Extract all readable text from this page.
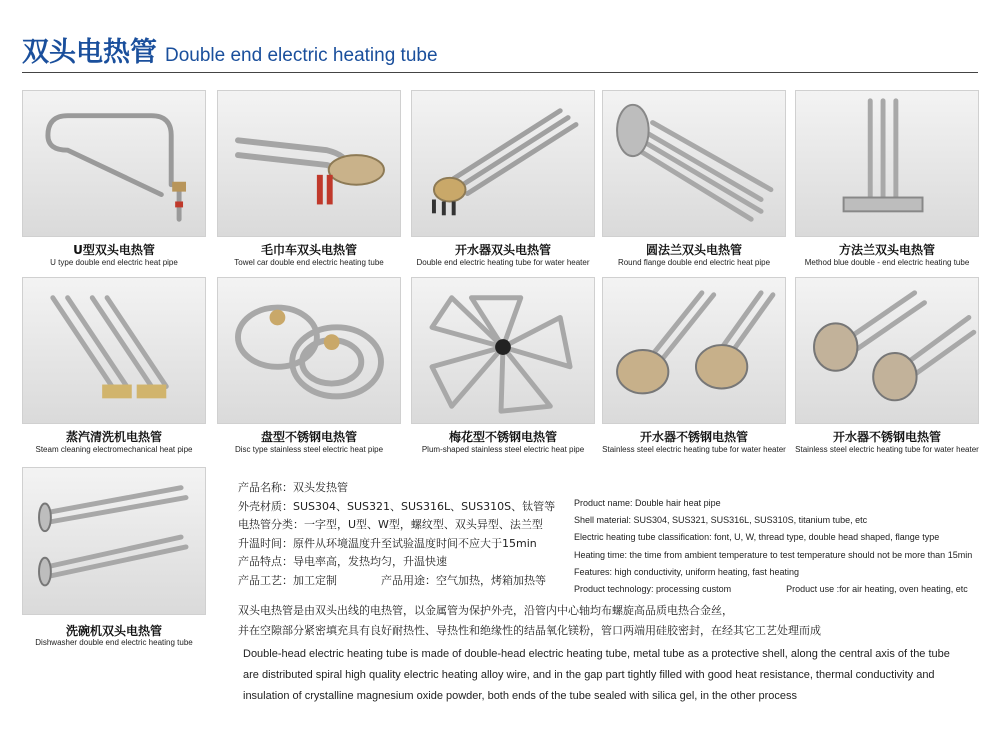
双头电热管 Double end electric heating tube
U型双头电热管
U type double end electric heat pipe
毛巾车双头电热管
Towel car double end electric heating tube
开水器双头电热管
Double end electric heating tube for water heater
圆法兰双头电热管
Round flange double end electric heat pipe
方法兰双头电热管
Method blue double - end electric heating tube
蒸汽清洗机电热管
Steam cleaning electromechanical heat pipe
盘型不锈钢电热管
Disc type stainless steel electric heat pipe
梅花型不锈钢电热管
Plum-shaped stainless steel electric heat pipe
开水器不锈钢电热管
Stainless steel electric heating tube for water heater
开水器不锈钢电热管
Stainless steel electric heating tube for water heater
洗碗机双头电热管
Dishwasher double end electric heating tube
产品名称：双头发热管
外壳材质：SUS304、SUS321、SUS316L、SUS310S、钛管等
电热管分类：一字型，U型、W型，螺纹型、双头异型、法兰型
升温时间：原件从环境温度升至试验温度时间不应大于15min
产品特点：导电率高，发热均匀，升温快速
产品工艺：加工定制	产品用途：空气加热，烤箱加热等
Product name: Double hair heat pipe
Shell material: SUS304, SUS321, SUS316L, SUS310S, titanium tube, etc
Electric heating tube classification: font, U, W, thread type, double head shaped, flange type
Heating time: the time from ambient temperature to test temperature should not be more than 15min
Features: high conductivity, uniform heating, fast heating
Product technology: processing custom	Product use :for air heating, oven heating, etc
双头电热管是由双头出线的电热管，以金属管为保护外壳，沿管内中心轴均布螺旋高品质电热合金丝，
并在空隙部分紧密填充具有良好耐热性、导热性和绝缘性的结晶氧化镁粉，管口两端用硅胶密封，在经其它工艺处理而成
Double-head electric heating tube is made of double-head electric heating tube, metal tube as a protective shell, along the central axis of the tube
are distributed spiral high quality electric heating alloy wire, and in the gap part tightly filled with good heat resistance, thermal conductivity and
insulation of crystalline magnesium oxide powder, both ends of the tube sealed with silica gel, in the other process
